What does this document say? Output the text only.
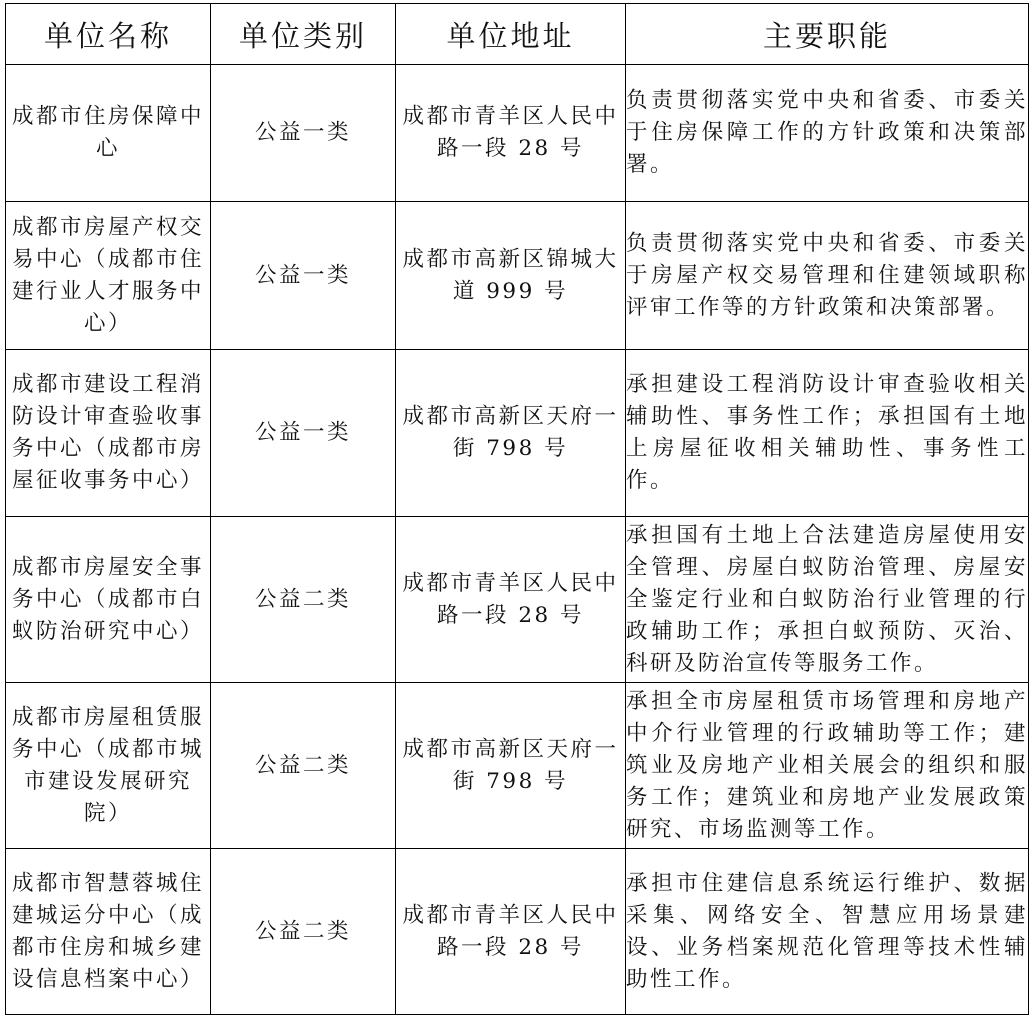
单位名称	单位类别	单位地址	主要职能
成都市住房保障中心	公益一类	成都市青羊区人民中路一段 28 号	负责贯彻落实党中央和省委、市委关于住房保障工作的方针政策和决策部署。
成都市房屋产权交易中心（成都市住建行业人才服务中心）	公益一类	成都市高新区锦城大道 999 号	负责贯彻落实党中央和省委、市委关于房屋产权交易管理和住建领域职称评审工作等的方针政策和决策部署。
成都市建设工程消防设计审查验收事务中心（成都市房屋征收事务中心）	公益一类	成都市高新区天府一街 798 号	承担建设工程消防设计审查验收相关辅助性、事务性工作；承担国有土地上房屋征收相关辅助性、事务性工作。
成都市房屋安全事务中心（成都市白蚁防治研究中心）	公益二类	成都市青羊区人民中路一段 28 号	承担国有土地上合法建造房屋使用安全管理、房屋白蚁防治管理、房屋安全鉴定行业和白蚁防治行业管理的行政辅助工作；承担白蚁预防、灭治、科研及防治宣传等服务工作。
成都市房屋租赁服务中心（成都市城市建设发展研究院）	公益二类	成都市高新区天府一街 798 号	承担全市房屋租赁市场管理和房地产中介行业管理的行政辅助等工作；建筑业及房地产业相关展会的组织和服务工作；建筑业和房地产业发展政策研究、市场监测等工作。
成都市智慧蓉城住建城运分中心（成都市住房和城乡建设信息档案中心）	公益二类	成都市青羊区人民中路一段 28 号	承担市住建信息系统运行维护、数据采集、网络安全、智慧应用场景建设、业务档案规范化管理等技术性辅助性工作。
